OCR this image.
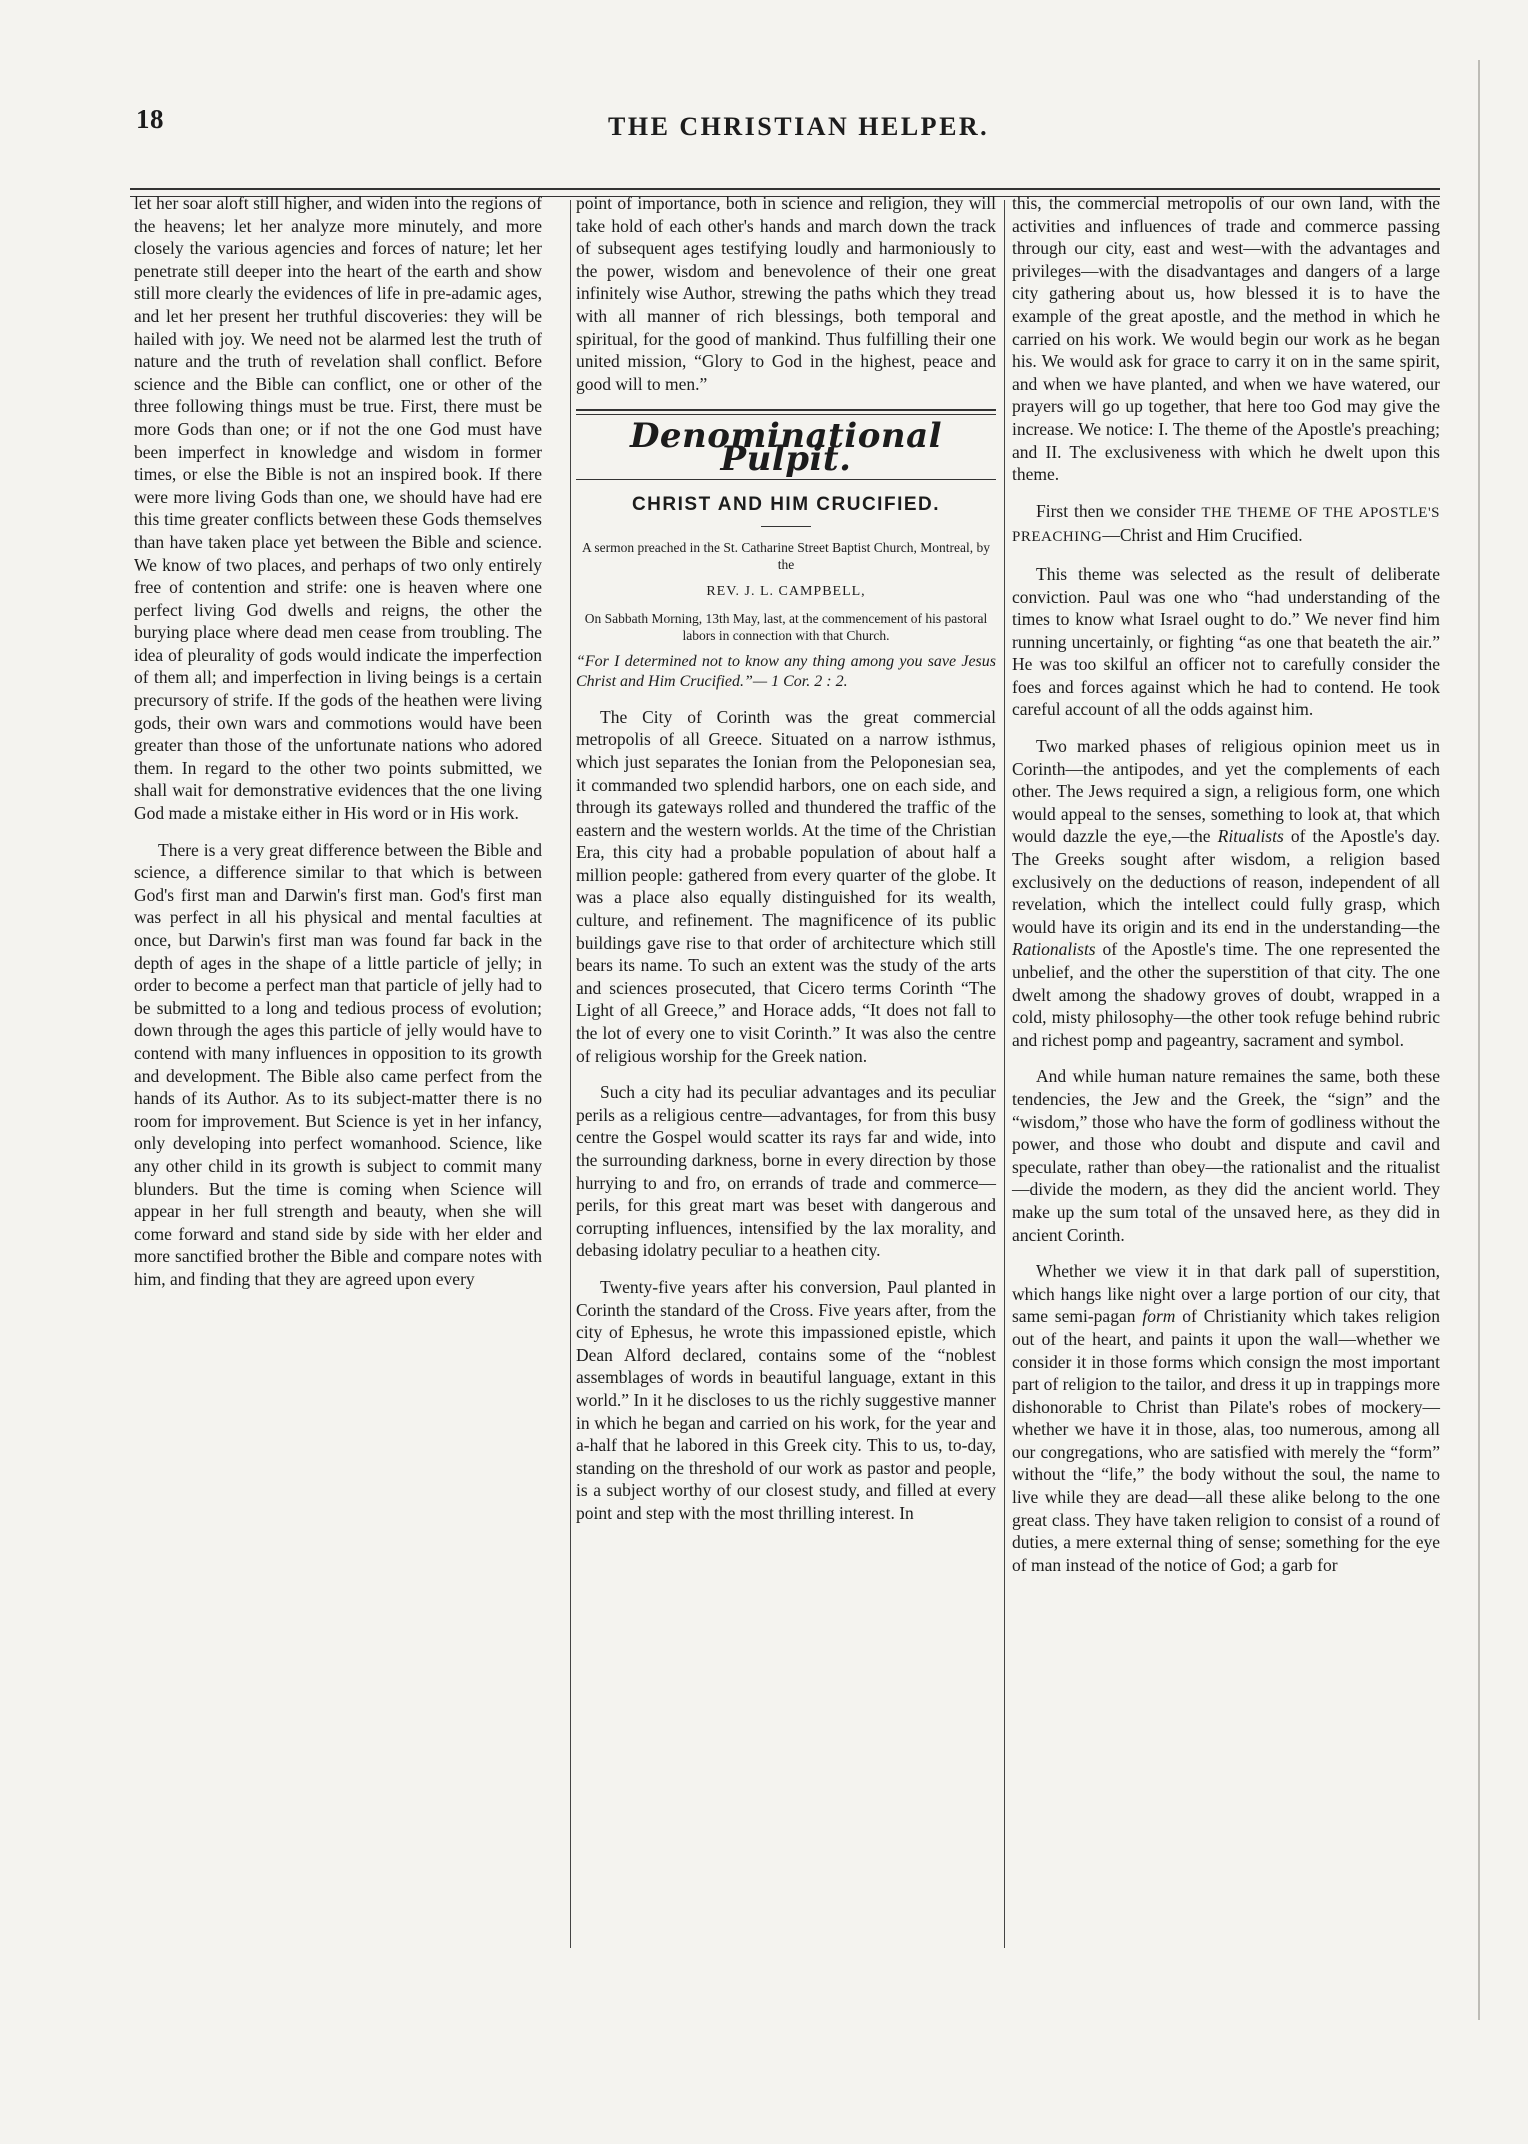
18	THE CHRISTIAN HELPER.

let her soar aloft still higher, and widen into the regions of the heavens; let her analyze more minutely, and more closely the various agencies and forces of nature; let her penetrate still deeper into the heart of the earth and show still more clearly the evidences of life in pre-adamic ages, and let her present her truthful discoveries: they will be hailed with joy. We need not be alarmed lest the truth of nature and the truth of revelation shall conflict. Before science and the Bible can conflict, one or other of the three following things must be true. First, there must be more Gods than one; or if not the one God must have been imperfect in knowledge and wisdom in former times, or else the Bible is not an inspired book. If there were more living Gods than one, we should have had ere this time greater conflicts between these Gods themselves than have taken place yet between the Bible and science. We know of two places, and perhaps of two only entirely free of contention and strife: one is heaven where one perfect living God dwells and reigns, the other the burying place where dead men cease from troubling. The idea of pleurality of gods would indicate the imperfection of them all; and imperfection in living beings is a certain precursory of strife. If the gods of the heathen were living gods, their own wars and commotions would have been greater than those of the unfortunate nations who adored them. In regard to the other two points submitted, we shall wait for demonstrative evidences that the one living God made a mistake either in His word or in His work.

There is a very great difference between the Bible and science, a difference similar to that which is between God's first man and Darwin's first man. God's first man was perfect in all his physical and mental faculties at once, but Darwin's first man was found far back in the depth of ages in the shape of a little particle of jelly; in order to become a perfect man that particle of jelly had to be submitted to a long and tedious process of evolution; down through the ages this particle of jelly would have to contend with many influences in opposition to its growth and development. The Bible also came perfect from the hands of its Author. As to its subject-matter there is no room for improvement. But Science is yet in her infancy, only developing into perfect womanhood. Science, like any other child in its growth is subject to commit many blunders. But the time is coming when Science will appear in her full strength and beauty, when she will come forward and stand side by side with her elder and more sanctified brother the Bible and compare notes with him, and finding that they are agreed upon every

point of importance, both in science and religion, they will take hold of each other's hands and march down the track of subsequent ages testifying loudly and harmoniously to the power, wisdom and benevolence of their one great infinitely wise Author, strewing the paths which they tread with all manner of rich blessings, both temporal and spiritual, for the good of mankind. Thus fulfilling their one united mission, “Glory to God in the highest, peace and good will to men.”

Denominational Pulpit.
CHRIST AND HIM CRUCIFIED.
A sermon preached in the St. Catharine Street Baptist Church, Montreal, by the
REV. J. L. CAMPBELL,
On Sabbath Morning, 13th May, last, at the commencement of his pastoral labors in connection with that Church.

“For I determined not to know any thing among you save Jesus Christ and Him Crucified.”— 1 Cor. 2 : 2.

The City of Corinth was the great commercial metropolis of all Greece. Situated on a narrow isthmus, which just separates the Ionian from the Peloponesian sea, it commanded two splendid harbors, one on each side, and through its gateways rolled and thundered the traffic of the eastern and the western worlds. At the time of the Christian Era, this city had a probable population of about half a million people: gathered from every quarter of the globe. It was a place also equally distinguished for its wealth, culture, and refinement. The magnificence of its public buildings gave rise to that order of architecture which still bears its name. To such an extent was the study of the arts and sciences prosecuted, that Cicero terms Corinth “The Light of all Greece,” and Horace adds, “It does not fall to the lot of every one to visit Corinth.” It was also the centre of religious worship for the Greek nation.

Such a city had its peculiar advantages and its peculiar perils as a religious centre—advantages, for from this busy centre the Gospel would scatter its rays far and wide, into the surrounding darkness, borne in every direction by those hurrying to and fro, on errands of trade and commerce—perils, for this great mart was beset with dangerous and corrupting influences, intensified by the lax morality, and debasing idolatry peculiar to a heathen city.

Twenty-five years after his conversion, Paul planted in Corinth the standard of the Cross. Five years after, from the city of Ephesus, he wrote this impassioned epistle, which Dean Alford declared, contains some of the “noblest assemblages of words in beautiful language, extant in this world.” In it he discloses to us the richly suggestive manner in which he began and carried on his work, for the year and a-half that he labored in this Greek city. This to us, to-day, standing on the threshold of our work as pastor and people, is a subject worthy of our closest study, and filled at every point and step with the most thrilling interest. In

this, the commercial metropolis of our own land, with the activities and influences of trade and commerce passing through our city, east and west—with the advantages and privileges—with the disadvantages and dangers of a large city gathering about us, how blessed it is to have the example of the great apostle, and the method in which he carried on his work. We would begin our work as he began his. We would ask for grace to carry it on in the same spirit, and when we have planted, and when we have watered, our prayers will go up together, that here too God may give the increase. We notice: I. The theme of the Apostle's preaching; and II. The exclusiveness with which he dwelt upon this theme.

First then we consider THE THEME OF THE APOSTLE'S PREACHING—Christ and Him Crucified.

This theme was selected as the result of deliberate conviction. Paul was one who “had understanding of the times to know what Israel ought to do.” We never find him running uncertainly, or fighting “as one that beateth the air.” He was too skilful an officer not to carefully consider the foes and forces against which he had to contend. He took careful account of all the odds against him.

Two marked phases of religious opinion meet us in Corinth—the antipodes, and yet the complements of each other. The Jews required a sign, a religious form, one which would appeal to the senses, something to look at, that which would dazzle the eye,—the Ritualists of the Apostle's day. The Greeks sought after wisdom, a religion based exclusively on the deductions of reason, independent of all revelation, which the intellect could fully grasp, which would have its origin and its end in the understanding—the Rationalists of the Apostle's time. The one represented the unbelief, and the other the superstition of that city. The one dwelt among the shadowy groves of doubt, wrapped in a cold, misty philosophy—the other took refuge behind rubric and richest pomp and pageantry, sacrament and symbol.

And while human nature remaines the same, both these tendencies, the Jew and the Greek, the “sign” and the “wisdom,” those who have the form of godliness without the power, and those who doubt and dispute and cavil and speculate, rather than obey—the rationalist and the ritualist—divide the modern, as they did the ancient world. They make up the sum total of the unsaved here, as they did in ancient Corinth.

Whether we view it in that dark pall of superstition, which hangs like night over a large portion of our city, that same semi-pagan form of Christianity which takes religion out of the heart, and paints it upon the wall—whether we consider it in those forms which consign the most important part of religion to the tailor, and dress it up in trappings more dishonorable to Christ than Pilate's robes of mockery—whether we have it in those, alas, too numerous, among all our congregations, who are satisfied with merely the “form” without the “life,” the body without the soul, the name to live while they are dead—all these alike belong to the one great class. They have taken religion to consist of a round of duties, a mere external thing of sense; something for the eye of man instead of the notice of God; a garb for
